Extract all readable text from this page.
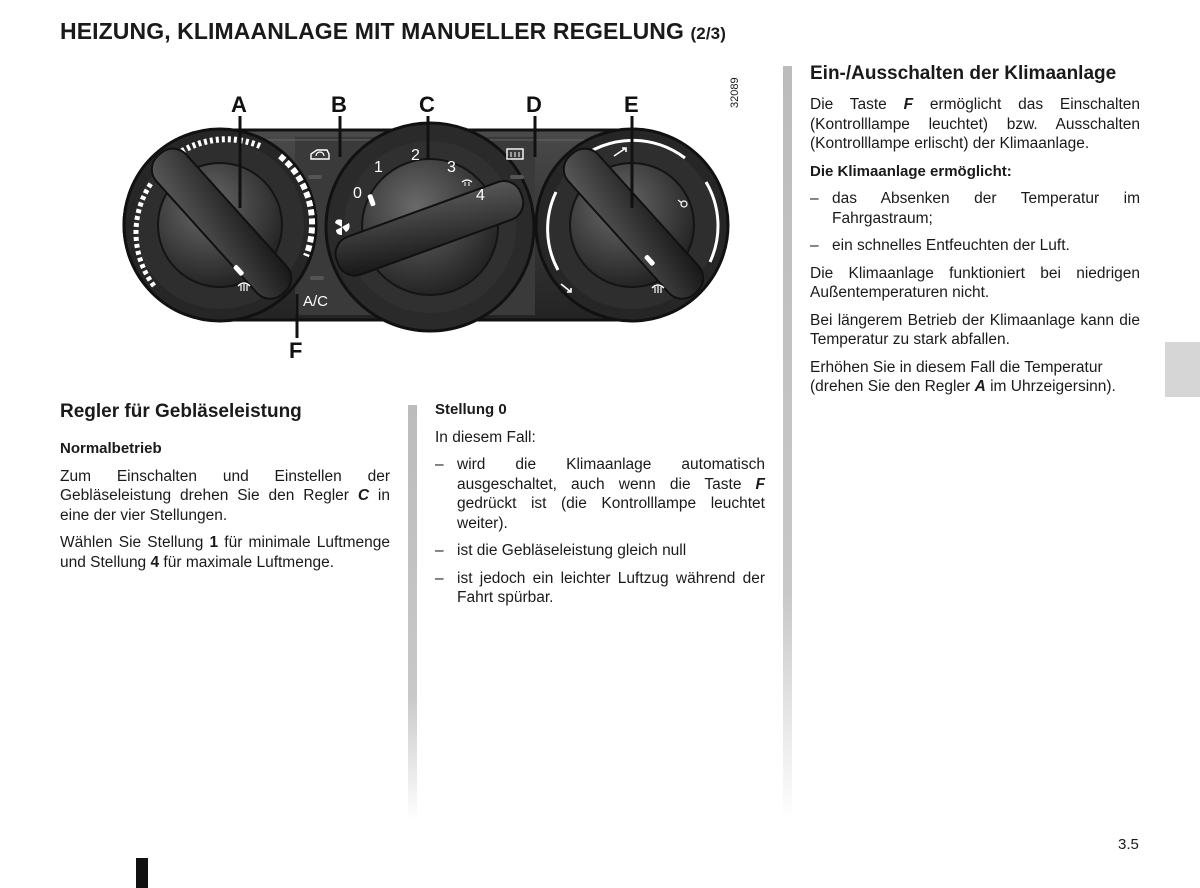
HEIZUNG, KLIMAANLAGE MIT MANUELLER REGELUNG (2/3)
32089
0
1
2
3
4
A/C
A	B	C	D	E
F
Regler für Gebläseleistung

Normalbetrieb

Zum Einschalten und Einstellen der Gebläseleistung drehen Sie den Regler C in eine der vier Stellungen.

Wählen Sie Stellung 1 für minimale Luftmenge und Stellung 4 für maximale Luftmenge.

Stellung 0

In diesem Fall:

– wird die Klimaanlage automatisch ausgeschaltet, auch wenn die Taste F gedrückt ist (die Kontrolllampe leuchtet weiter).
– ist die Gebläseleistung gleich null
– ist jedoch ein leichter Luftzug während der Fahrt spürbar.
Ein-/Ausschalten der Klimaanlage

Die Taste F ermöglicht das Einschalten (Kontrolllampe leuchtet) bzw. Ausschalten (Kontrolllampe erlischt) der Klimaanlage.

Die Klimaanlage ermöglicht:

– das Absenken der Temperatur im Fahrgastraum;
– ein schnelles Entfeuchten der Luft.

Die Klimaanlage funktioniert bei niedrigen Außentemperaturen nicht.

Bei längerem Betrieb der Klimaanlage kann die Temperatur zu stark abfallen.

Erhöhen Sie in diesem Fall die Temperatur (drehen Sie den Regler A im Uhrzeigersinn).

3.5
